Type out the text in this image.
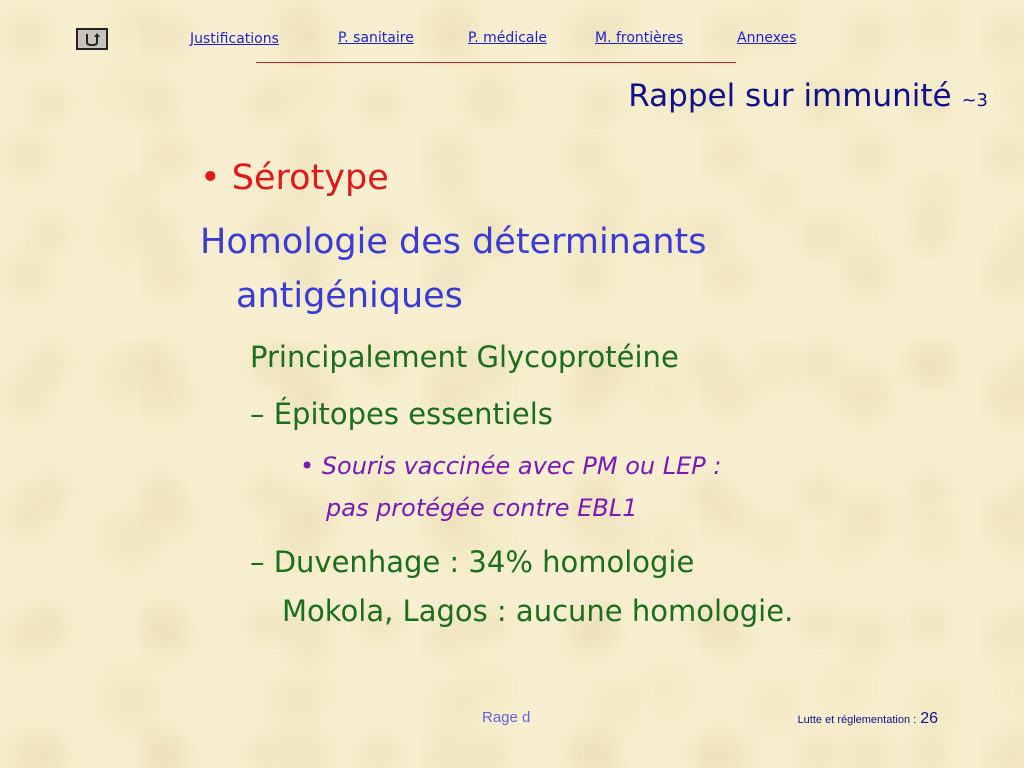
Justifications	P. sanitaire	P. médicale	M. frontières	Annexes
Rappel sur immunité ~3
• Sérotype
Homologie des déterminants
antigéniques
Principalement Glycoprotéine
– Épitopes essentiels
• Souris vaccinée avec PM ou LEP :
pas protégée contre EBL1
– Duvenhage : 34% homologie
Mokola, Lagos : aucune homologie.
Rage d	Lutte et réglementation : 26
